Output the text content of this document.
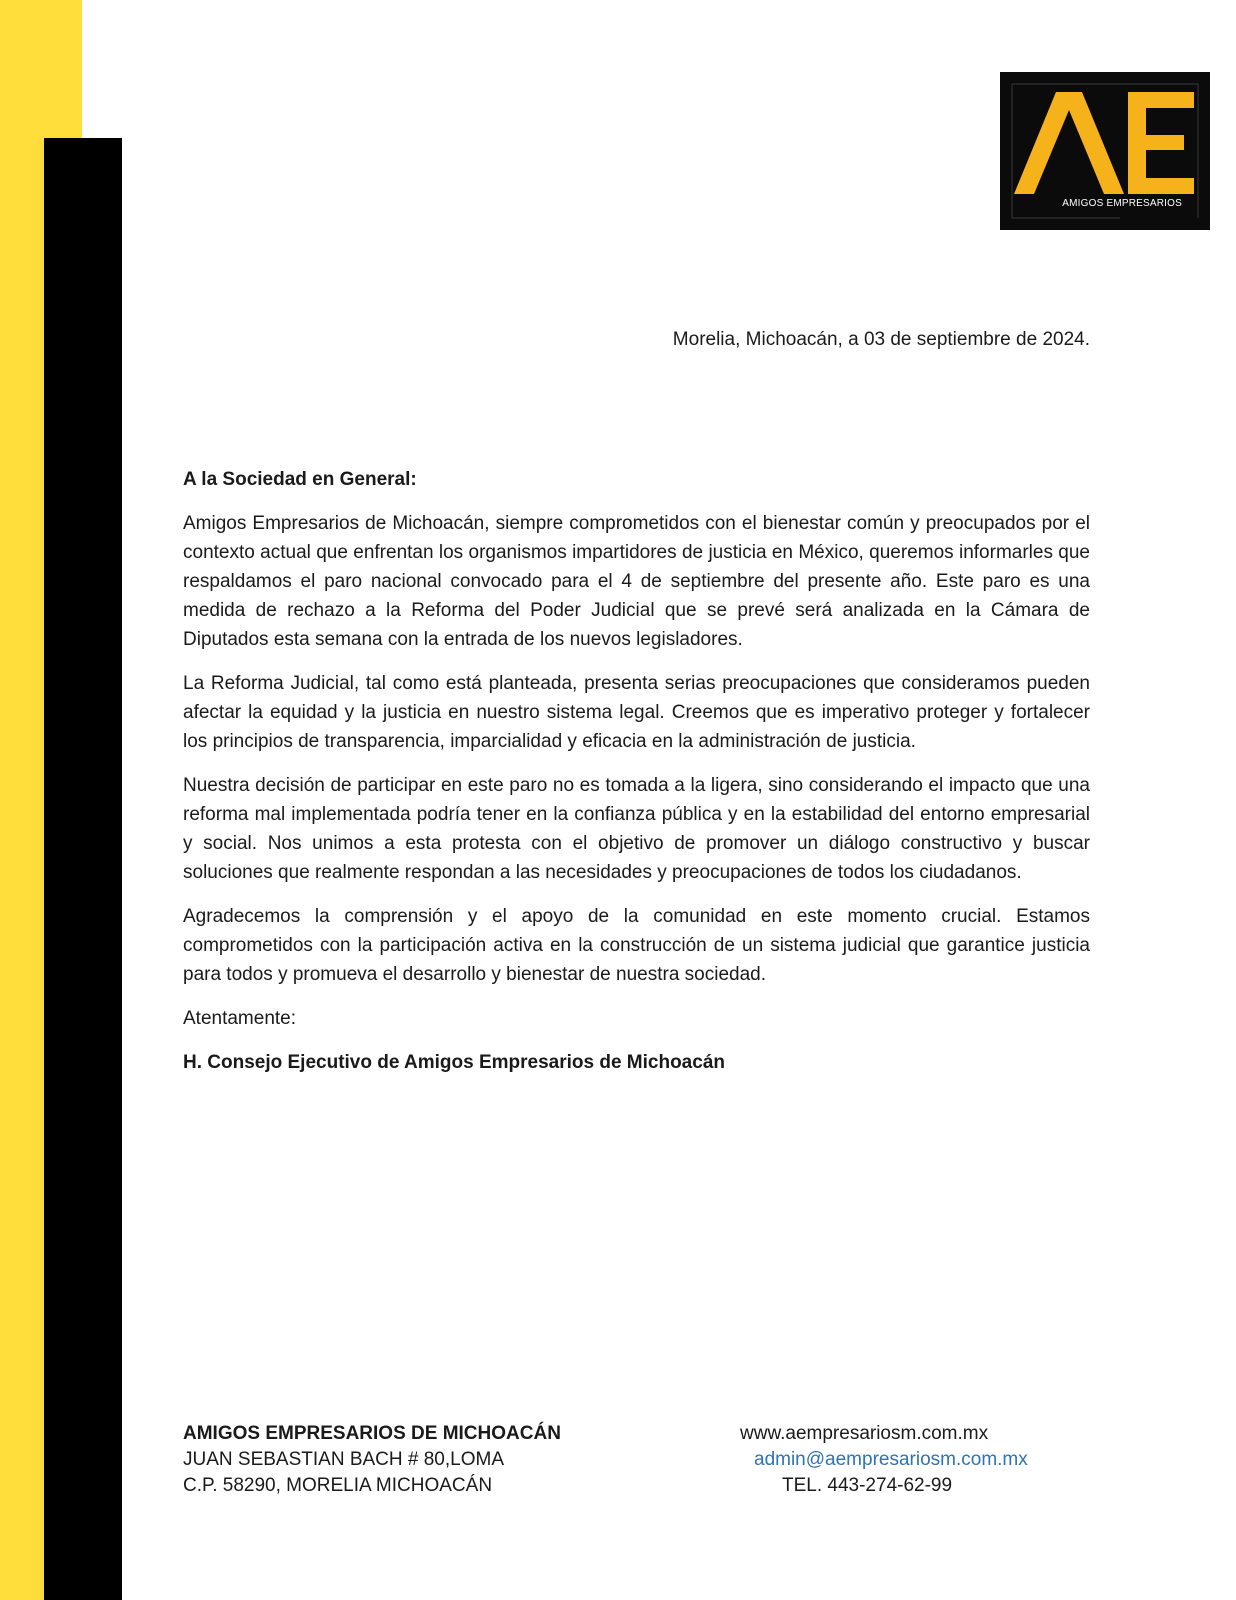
AMIGOS EMPRESARIOS
Morelia, Michoacán, a 03 de septiembre de 2024.

A la Sociedad en General:

Amigos Empresarios de Michoacán, siempre comprometidos con el bienestar común y preocupados por el contexto actual que enfrentan los organismos impartidores de justicia en México, queremos informarles que respaldamos el paro nacional convocado para el 4 de septiembre del presente año. Este paro es una medida de rechazo a la Reforma del Poder Judicial que se prevé será analizada en la Cámara de Diputados esta semana con la entrada de los nuevos legisladores.

La Reforma Judicial, tal como está planteada, presenta serias preocupaciones que consideramos pueden afectar la equidad y la justicia en nuestro sistema legal. Creemos que es imperativo proteger y fortalecer los principios de transparencia, imparcialidad y eficacia en la administración de justicia.

Nuestra decisión de participar en este paro no es tomada a la ligera, sino considerando el impacto que una reforma mal implementada podría tener en la confianza pública y en la estabilidad del entorno empresarial y social. Nos unimos a esta protesta con el objetivo de promover un diálogo constructivo y buscar soluciones que realmente respondan a las necesidades y preocupaciones de todos los ciudadanos.

Agradecemos la comprensión y el apoyo de la comunidad en este momento crucial. Estamos comprometidos con la participación activa en la construcción de un sistema judicial que garantice justicia para todos y promueva el desarrollo y bienestar de nuestra sociedad.

Atentamente:

H. Consejo Ejecutivo de Amigos Empresarios de Michoacán

AMIGOS EMPRESARIOS DE MICHOACÁN
JUAN SEBASTIAN BACH # 80,LOMA
C.P. 58290, MORELIA MICHOACÁN
www.aempresariosm.com.mx
admin@aempresariosm.com.mx
TEL. 443-274-62-99
